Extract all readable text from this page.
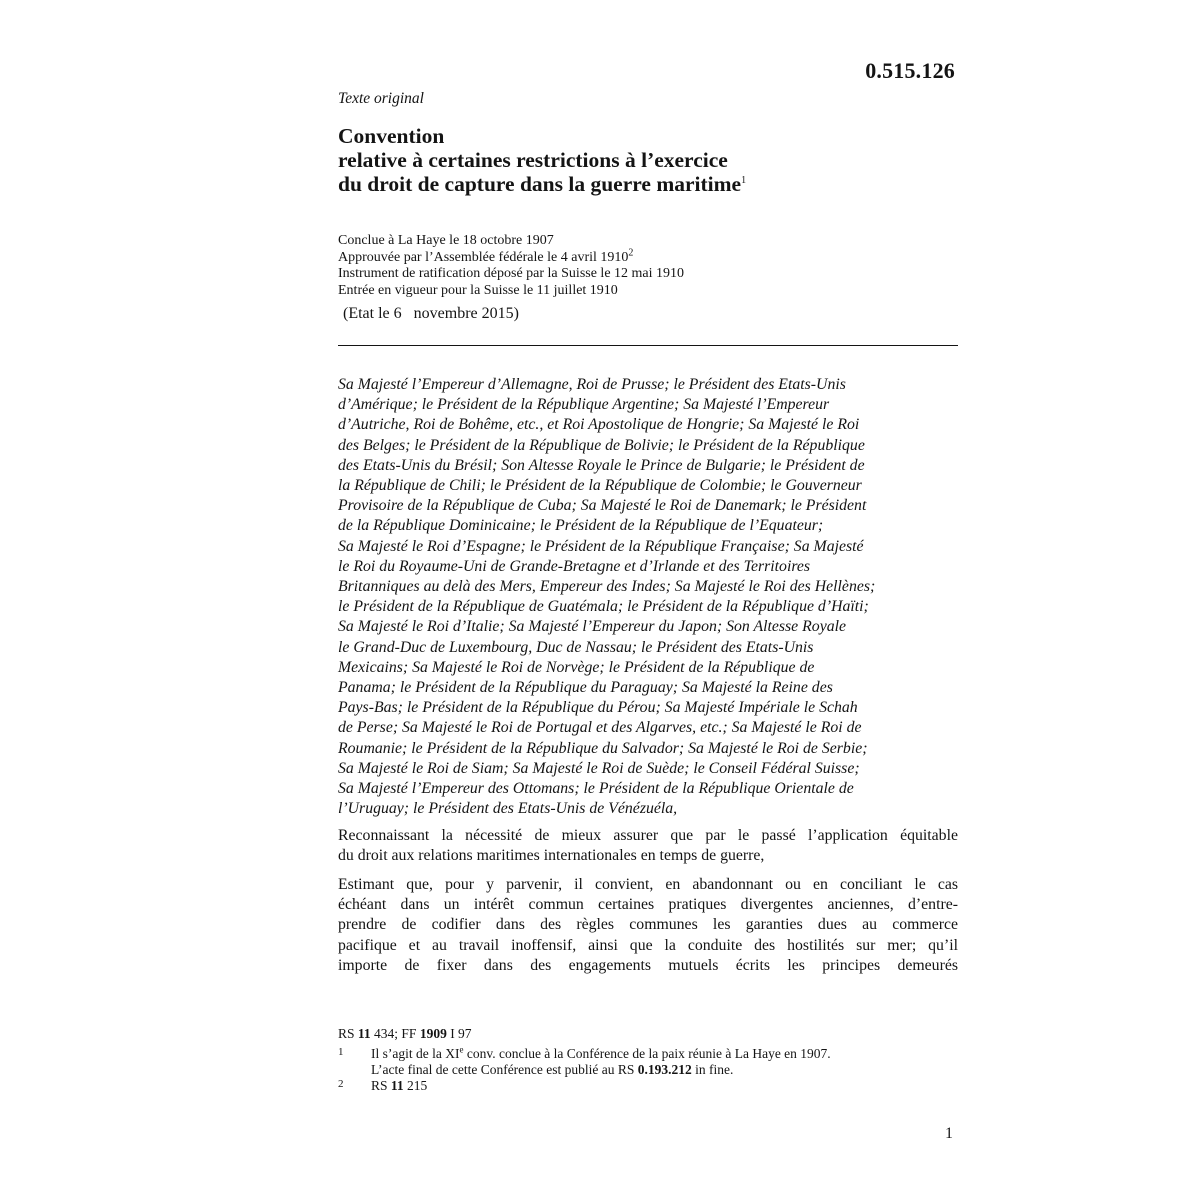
0.515.126
Texte original
Convention
relative à certaines restrictions à l’exercice
du droit de capture dans la guerre maritime$^1$
Conclue à La Haye le 18 octobre 1907
Approuvée par l’Assemblée fédérale le 4 avril 1910$^2$
Instrument de ratification déposé par la Suisse le 12 mai 1910
Entrée en vigueur pour la Suisse le 11 juillet 1910
(Etat le 6   novembre 2015)
Sa Majesté l’Empereur d’Allemagne, Roi de Prusse; le Président des Etats-Unis
d’Amérique; le Président de la République Argentine; Sa Majesté l’Empereur
d’Autriche, Roi de Bohême, etc., et Roi Apostolique de Hongrie; Sa Majesté le Roi
des Belges; le Président de la République de Bolivie; le Président de la République
des Etats-Unis du Brésil; Son Altesse Royale le Prince de Bulgarie; le Président de
la République de Chili; le Président de la République de Colombie; le Gouverneur
Provisoire de la République de Cuba; Sa Majesté le Roi de Danemark; le Président
de la République Dominicaine; le Président de la République de l’Equateur;
Sa Majesté le Roi d’Espagne; le Président de la République Française; Sa Majesté
le Roi du Royaume-Uni de Grande-Bretagne et d’Irlande et des Territoires
Britanniques au delà des Mers, Empereur des Indes; Sa Majesté le Roi des Hellènes;
le Président de la République de Guatémala; le Président de la République d’Haïti;
Sa Majesté le Roi d’Italie; Sa Majesté l’Empereur du Japon; Son Altesse Royale
le Grand-Duc de Luxembourg, Duc de Nassau; le Président des Etats-Unis
Mexicains; Sa Majesté le Roi de Norvège; le Président de la République de
Panama; le Président de la République du Paraguay; Sa Majesté la Reine des
Pays-Bas; le Président de la République du Pérou; Sa Majesté Impériale le Schah
de Perse; Sa Majesté le Roi de Portugal et des Algarves, etc.; Sa Majesté le Roi de
Roumanie; le Président de la République du Salvador; Sa Majesté le Roi de Serbie;
Sa Majesté le Roi de Siam; Sa Majesté le Roi de Suède; le Conseil Fédéral Suisse;
Sa Majesté l’Empereur des Ottomans; le Président de la République Orientale de
l’Uruguay; le Président des Etats-Unis de Vénézuéla,
Reconnaissant la nécessité de mieux assurer que par le passé l’application équitable
du droit aux relations maritimes internationales en temps de guerre,
Estimant que, pour y parvenir, il convient, en abandonnant ou en conciliant le cas
échéant dans un intérêt commun certaines pratiques divergentes anciennes, d’entre-
prendre de codifier dans des règles communes les garanties dues au commerce
pacifique et au travail inoffensif, ainsi que la conduite des hostilités sur mer; qu’il
importe de fixer dans des engagements mutuels écrits les principes demeurés
RS 11 434; FF 1909 I 97
1	Il s’agit de la XIe conv. conclue à la Conférence de la paix réunie à La Haye en 1907.
L’acte final de cette Conférence est publié au RS 0.193.212 in fine.
2	RS 11 215
1
